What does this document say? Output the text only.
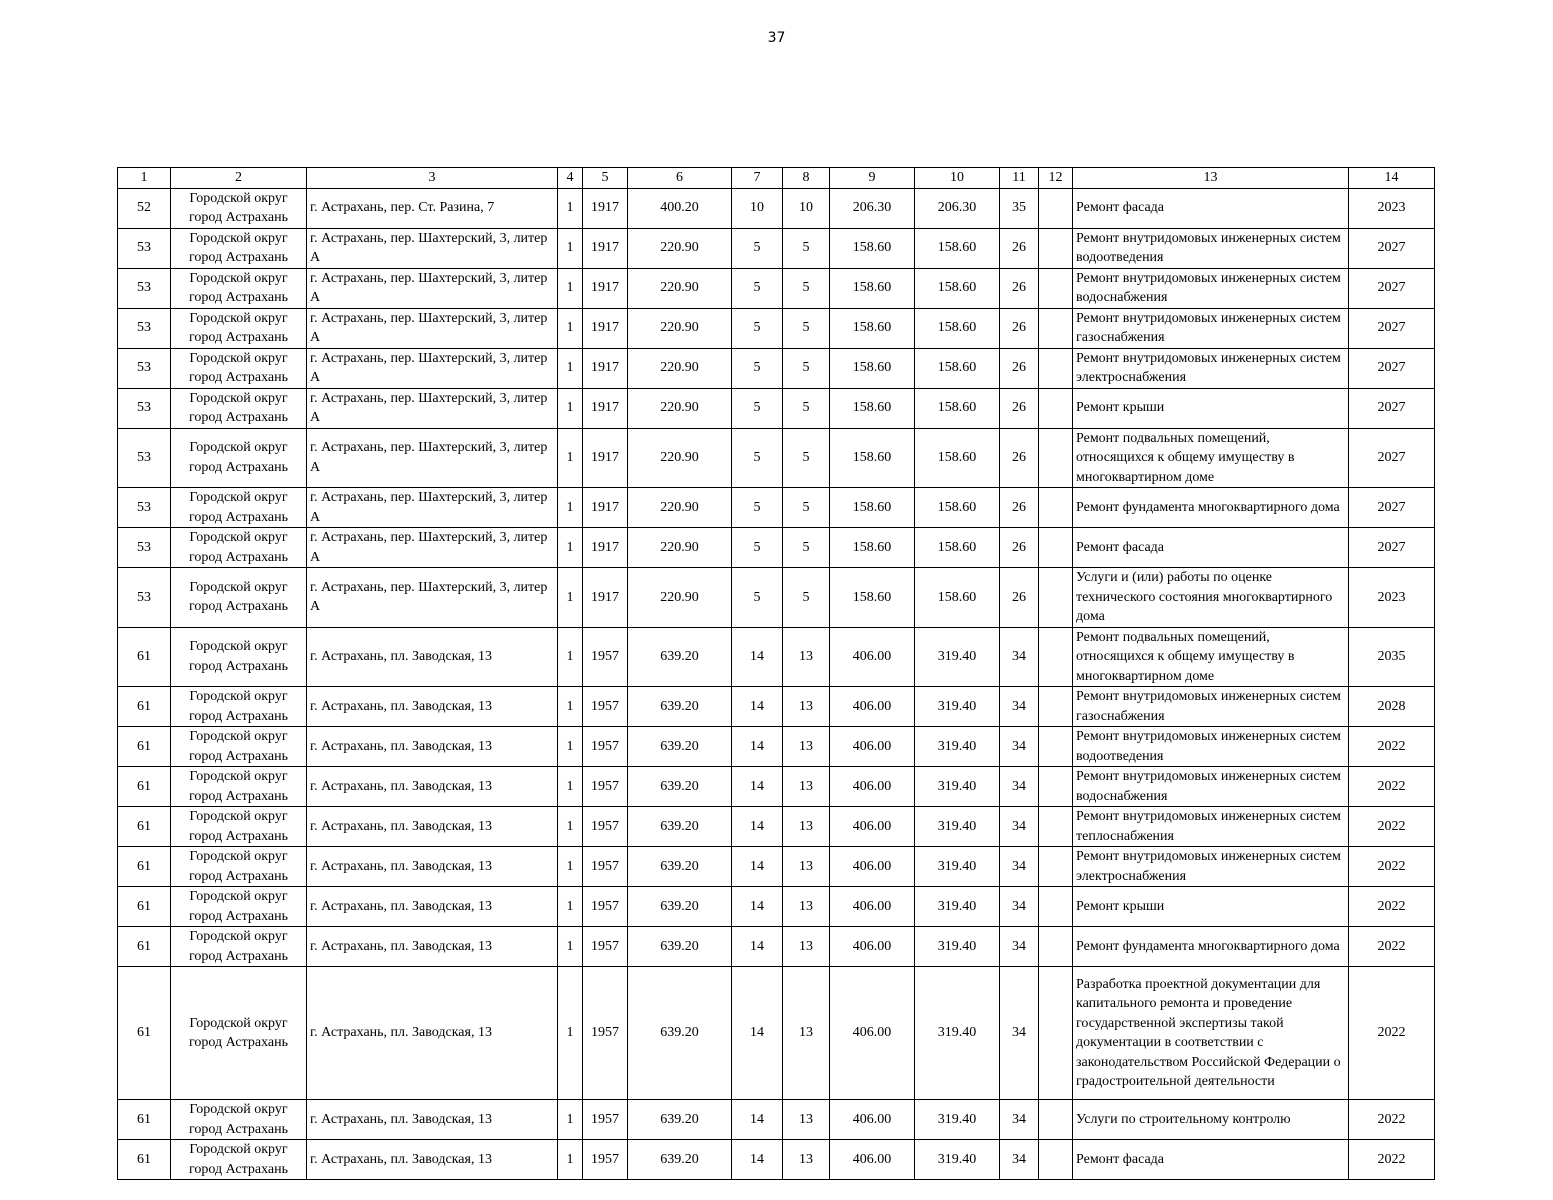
37
1	2	3	4	5	6	7	8	9	10	11	12	13	14
52	Городской округ город Астрахань	г. Астрахань, пер. Ст. Разина, 7	1	1917	400.20	10	10	206.30	206.30	35		Ремонт фасада	2023
53	Городской округ город Астрахань	г. Астрахань, пер. Шахтерский, 3, литер А	1	1917	220.90	5	5	158.60	158.60	26		Ремонт внутридомовых инженерных систем водоотведения	2027
53	Городской округ город Астрахань	г. Астрахань, пер. Шахтерский, 3, литер А	1	1917	220.90	5	5	158.60	158.60	26		Ремонт внутридомовых инженерных систем водоснабжения	2027
53	Городской округ город Астрахань	г. Астрахань, пер. Шахтерский, 3, литер А	1	1917	220.90	5	5	158.60	158.60	26		Ремонт внутридомовых инженерных систем газоснабжения	2027
53	Городской округ город Астрахань	г. Астрахань, пер. Шахтерский, 3, литер А	1	1917	220.90	5	5	158.60	158.60	26		Ремонт внутридомовых инженерных систем электроснабжения	2027
53	Городской округ город Астрахань	г. Астрахань, пер. Шахтерский, 3, литер А	1	1917	220.90	5	5	158.60	158.60	26		Ремонт крыши	2027
53	Городской округ город Астрахань	г. Астрахань, пер. Шахтерский, 3, литер А	1	1917	220.90	5	5	158.60	158.60	26		Ремонт подвальных помещений, относящихся к общему имуществу в многоквартирном доме	2027
53	Городской округ город Астрахань	г. Астрахань, пер. Шахтерский, 3, литер А	1	1917	220.90	5	5	158.60	158.60	26		Ремонт фундамента многоквартирного дома	2027
53	Городской округ город Астрахань	г. Астрахань, пер. Шахтерский, 3, литер А	1	1917	220.90	5	5	158.60	158.60	26		Ремонт фасада	2027
53	Городской округ город Астрахань	г. Астрахань, пер. Шахтерский, 3, литер А	1	1917	220.90	5	5	158.60	158.60	26		Услуги и (или) работы по оценке технического состояния многоквартирного дома	2023
61	Городской округ город Астрахань	г. Астрахань, пл. Заводская, 13	1	1957	639.20	14	13	406.00	319.40	34		Ремонт подвальных помещений, относящихся к общему имуществу в многоквартирном доме	2035
61	Городской округ город Астрахань	г. Астрахань, пл. Заводская, 13	1	1957	639.20	14	13	406.00	319.40	34		Ремонт внутридомовых инженерных систем газоснабжения	2028
61	Городской округ город Астрахань	г. Астрахань, пл. Заводская, 13	1	1957	639.20	14	13	406.00	319.40	34		Ремонт внутридомовых инженерных систем водоотведения	2022
61	Городской округ город Астрахань	г. Астрахань, пл. Заводская, 13	1	1957	639.20	14	13	406.00	319.40	34		Ремонт внутридомовых инженерных систем водоснабжения	2022
61	Городской округ город Астрахань	г. Астрахань, пл. Заводская, 13	1	1957	639.20	14	13	406.00	319.40	34		Ремонт внутридомовых инженерных систем теплоснабжения	2022
61	Городской округ город Астрахань	г. Астрахань, пл. Заводская, 13	1	1957	639.20	14	13	406.00	319.40	34		Ремонт внутридомовых инженерных систем электроснабжения	2022
61	Городской округ город Астрахань	г. Астрахань, пл. Заводская, 13	1	1957	639.20	14	13	406.00	319.40	34		Ремонт крыши	2022
61	Городской округ город Астрахань	г. Астрахань, пл. Заводская, 13	1	1957	639.20	14	13	406.00	319.40	34		Ремонт фундамента многоквартирного дома	2022
61	Городской округ город Астрахань	г. Астрахань, пл. Заводская, 13	1	1957	639.20	14	13	406.00	319.40	34		Разработка проектной документации для капитального ремонта и проведение государственной экспертизы такой документации в соответствии с законодательством Российской Федерации о градостроительной деятельности	2022
61	Городской округ город Астрахань	г. Астрахань, пл. Заводская, 13	1	1957	639.20	14	13	406.00	319.40	34		Услуги по строительному контролю	2022
61	Городской округ город Астрахань	г. Астрахань, пл. Заводская, 13	1	1957	639.20	14	13	406.00	319.40	34		Ремонт фасада	2022
